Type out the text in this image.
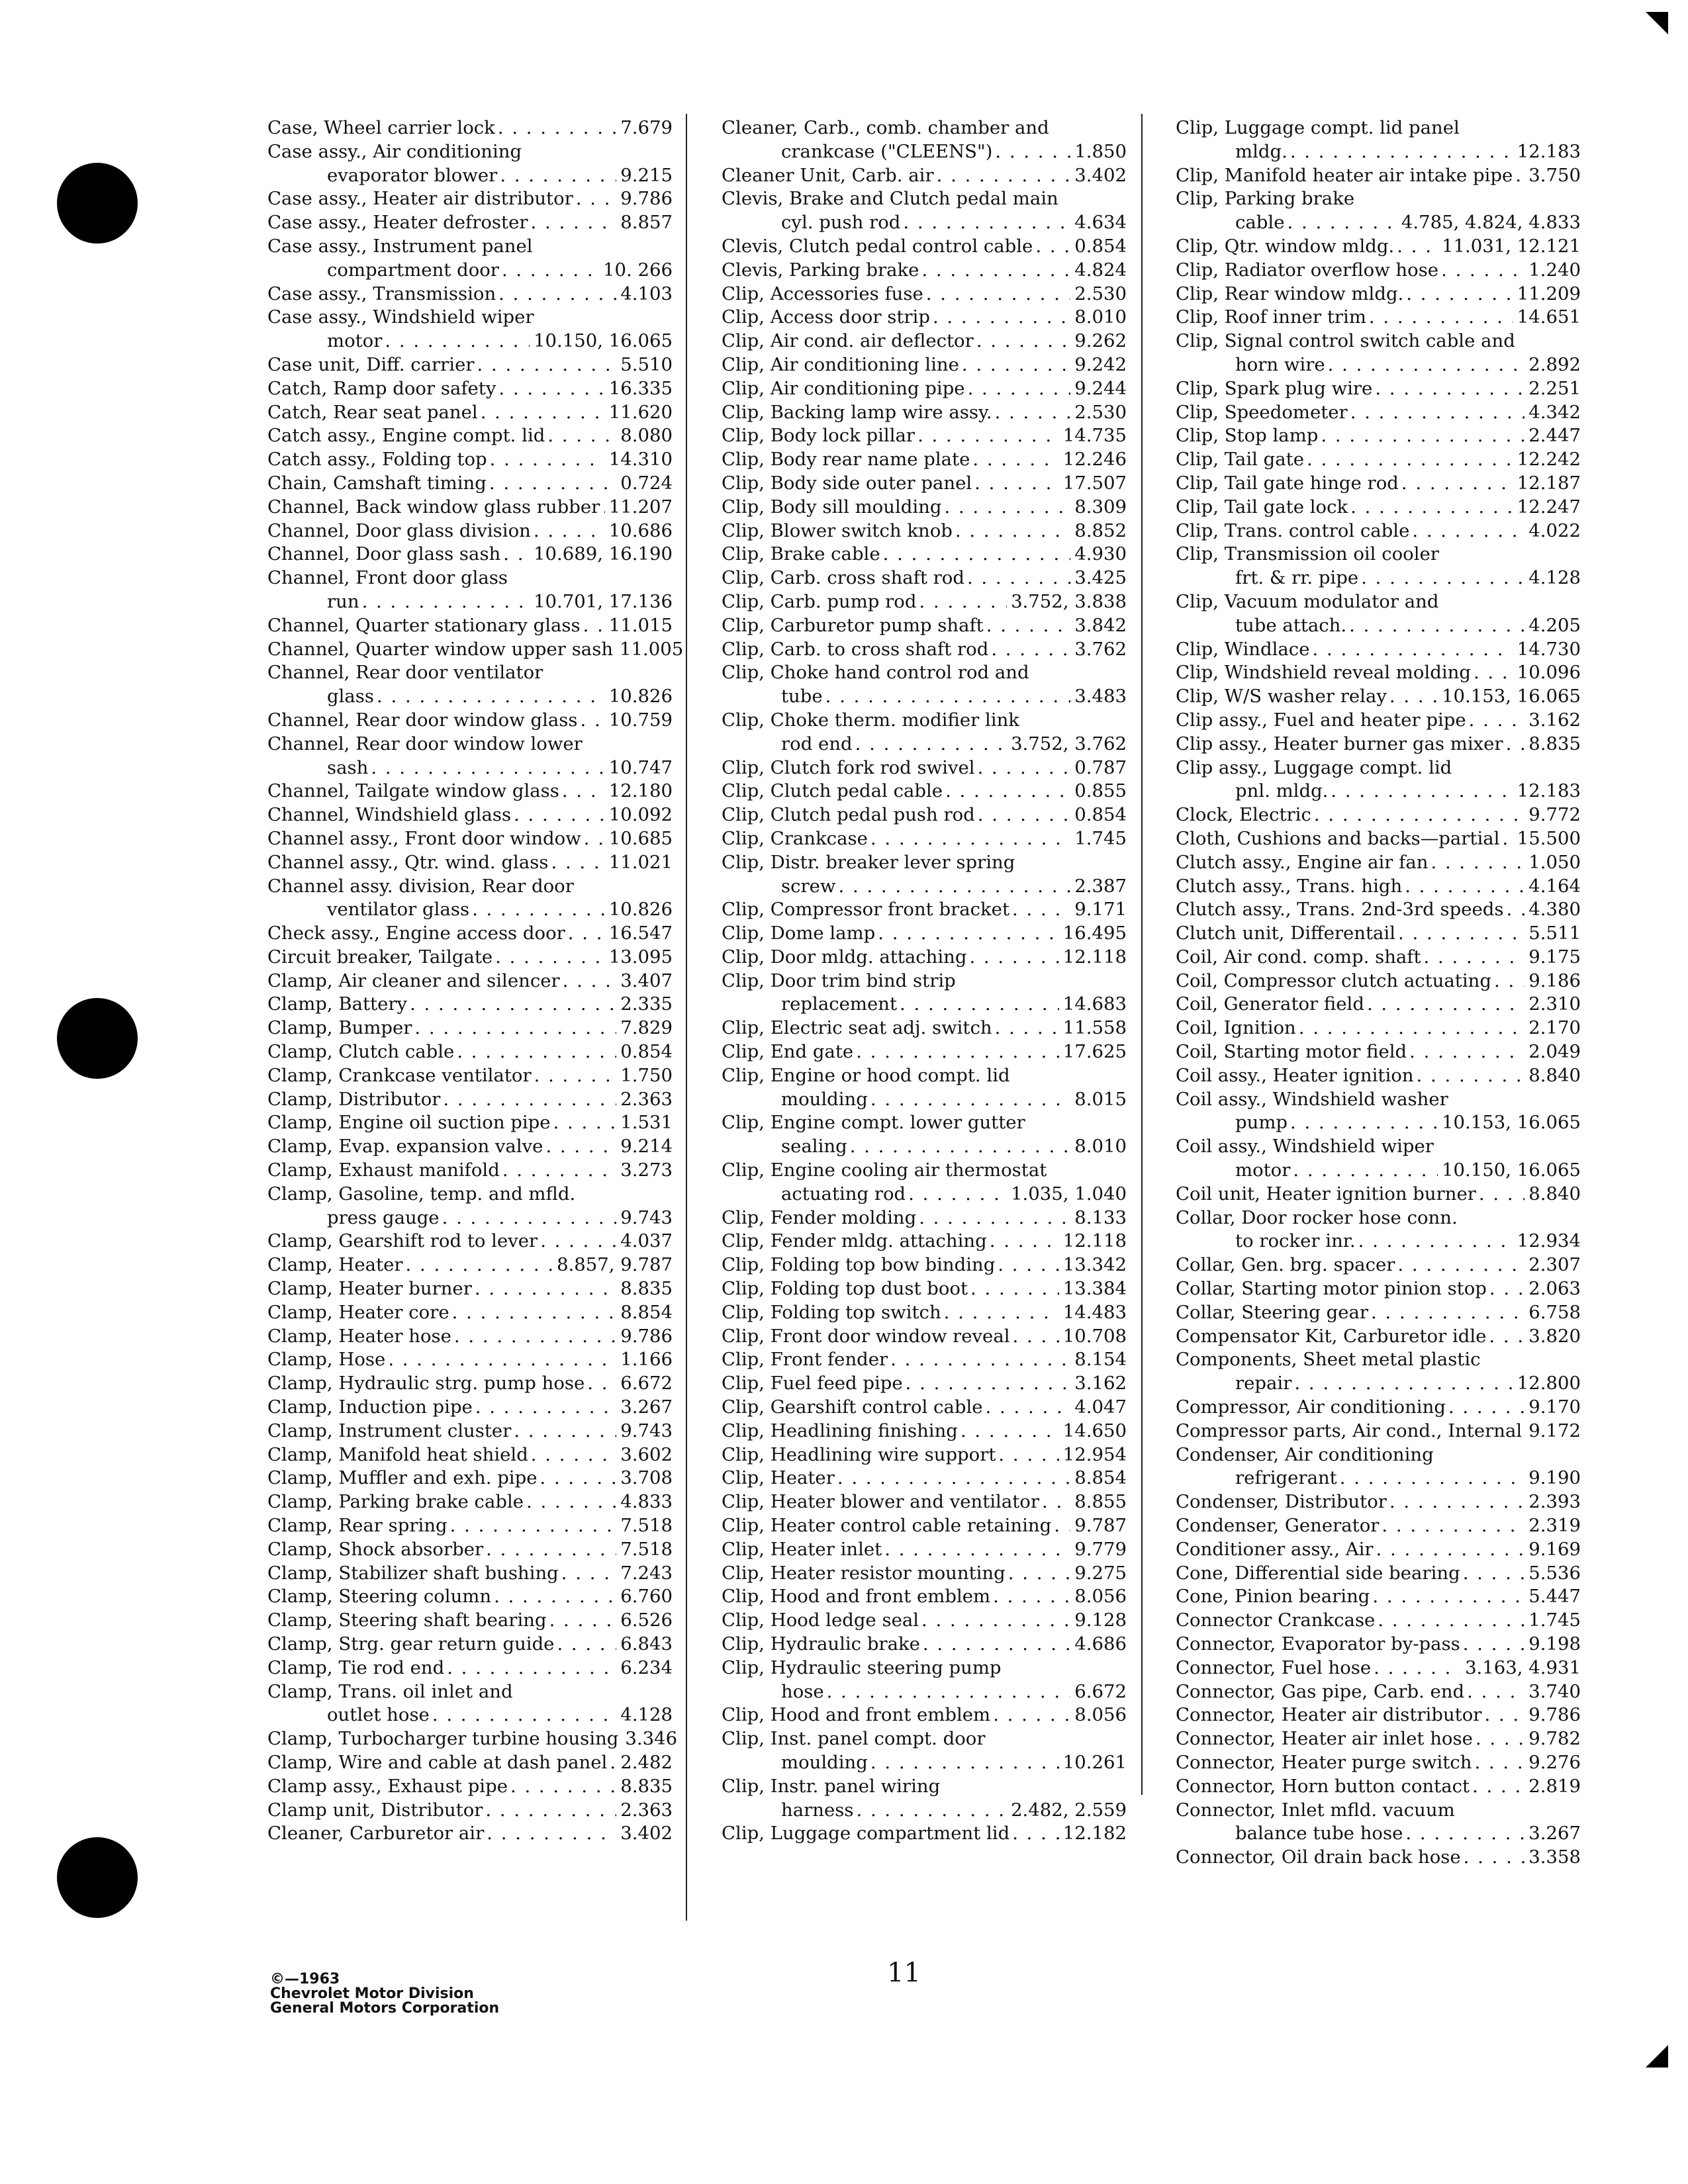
Case, Wheel carrier lock . . .	7.679
Case assy., Air conditioning
evaporator blower . . .	9.215
Case assy., Heater air distributor . . .	9.786
Case assy., Heater defroster . . .	8.857
Case assy., Instrument panel
compartment door . . .	10. 266
Case assy., Transmission . . .	4.103
Case assy., Windshield wiper
motor . . .	10.150, 16.065
Case unit, Diff. carrier . . .	5.510
Catch, Ramp door safety . . .	16.335
Catch, Rear seat panel . . .	11.620
Catch assy., Engine compt. lid . . .	8.080
Catch assy., Folding top . . .	14.310
Chain, Camshaft timing . . .	0.724
Channel, Back window glass rubber . . . 11.207
Channel, Door glass division . . .	10.686
Channel, Door glass sash . . . 10.689, 16.190
Channel, Front door glass
run . . .	10.701, 17.136
Channel, Quarter stationary glass . . . 11.015
Channel, Quarter window upper sash 11.005
Channel, Rear door ventilator
glass . . .	10.826
Channel, Rear door window glass . . . 10.759
Channel, Rear door window lower
sash . . .	10.747
Channel, Tailgate window glass . . .	12.180
Channel, Windshield glass . . .	10.092
Channel assy., Front door window . . . 10.685
Channel assy., Qtr. wind. glass . . .	11.021
Channel assy. division, Rear door
ventilator glass . . .	10.826
Check assy., Engine access door . . . 16.547
Circuit breaker, Tailgate . . .	13.095
Clamp, Air cleaner and silencer . . .	3.407
Clamp, Battery . . .	2.335
Clamp, Bumper . . .	7.829
Clamp, Clutch cable . . .	0.854
Clamp, Crankcase ventilator . . .	1.750
Clamp, Distributor . . .	2.363
Clamp, Engine oil suction pipe . . .	1.531
Clamp, Evap. expansion valve . . .	9.214
Clamp, Exhaust manifold . . .	3.273
Clamp, Gasoline, temp. and mfld.
press gauge . . .	9.743
Clamp, Gearshift rod to lever . . .	4.037
Clamp, Heater . . .	8.857, 9.787
Clamp, Heater burner . . .	8.835
Clamp, Heater core . . .	8.854
Clamp, Heater hose . . .	9.786
Clamp, Hose . . .	1.166
Clamp, Hydraulic strg. pump hose . . . 6.672
Clamp, Induction pipe . . .	3.267
Clamp, Instrument cluster . . .	9.743
Clamp, Manifold heat shield . . .	3.602
Clamp, Muffler and exh. pipe . . .	3.708
Clamp, Parking brake cable . . .	4.833
Clamp, Rear spring . . .	7.518
Clamp, Shock absorber . . .	7.518
Clamp, Stabilizer shaft bushing . . .	7.243
Clamp, Steering column . . .	6.760
Clamp, Steering shaft bearing . . .	6.526
Clamp, Strg. gear return guide . . .	6.843
Clamp, Tie rod end . . .	6.234
Clamp, Trans. oil inlet and
outlet hose . . .	4.128
Clamp, Turbocharger turbine housing 3.346
Clamp, Wire and cable at dash panel . . . 2.482
Clamp assy., Exhaust pipe . . .	8.835
Clamp unit, Distributor . . .	2.363
Cleaner, Carburetor air . . .	3.402
Cleaner, Carb., comb. chamber and
crankcase ("CLEENS") . . .	1.850
Cleaner Unit, Carb. air . . .	3.402
Clevis, Brake and Clutch pedal main
cyl. push rod . . .	4.634
Clevis, Clutch pedal control cable . . . 0.854
Clevis, Parking brake . . .	4.824
Clip, Accessories fuse . . .	2.530
Clip, Access door strip . . .	8.010
Clip, Air cond. air deflector . . .	9.262
Clip, Air conditioning line . . .	9.242
Clip, Air conditioning pipe . . .	9.244
Clip, Backing lamp wire assy. . . .	2.530
Clip, Body lock pillar . . .	14.735
Clip, Body rear name plate . . .	12.246
Clip, Body side outer panel . . .	17.507
Clip, Body sill moulding . . .	8.309
Clip, Blower switch knob . . .	8.852
Clip, Brake cable . . .	4.930
Clip, Carb. cross shaft rod . . .	3.425
Clip, Carb. pump rod . . .	3.752, 3.838
Clip, Carburetor pump shaft . . .	3.842
Clip, Carb. to cross shaft rod . . .	3.762
Clip, Choke hand control rod and
tube . . .	3.483
Clip, Choke therm. modifier link
rod end . . .	3.752, 3.762
Clip, Clutch fork rod swivel . . .	0.787
Clip, Clutch pedal cable . . .	0.855
Clip, Clutch pedal push rod . . .	0.854
Clip, Crankcase . . .	1.745
Clip, Distr. breaker lever spring
screw . . .	2.387
Clip, Compressor front bracket . . .	9.171
Clip, Dome lamp . . .	16.495
Clip, Door mldg. attaching . . .	12.118
Clip, Door trim bind strip
replacement . . .	14.683
Clip, Electric seat adj. switch . . .	11.558
Clip, End gate . . .	17.625
Clip, Engine or hood compt. lid
moulding . . .	8.015
Clip, Engine compt. lower gutter
sealing . . .	8.010
Clip, Engine cooling air thermostat
actuating rod . . .	1.035, 1.040
Clip, Fender molding . . .	8.133
Clip, Fender mldg. attaching . . .	12.118
Clip, Folding top bow binding . . .	13.342
Clip, Folding top dust boot . . .	13.384
Clip, Folding top switch . . .	14.483
Clip, Front door window reveal . . .	10.708
Clip, Front fender . . .	8.154
Clip, Fuel feed pipe . . .	3.162
Clip, Gearshift control cable . . .	4.047
Clip, Headlining finishing . . .	14.650
Clip, Headlining wire support . . .	12.954
Clip, Heater . . .	8.854
Clip, Heater blower and ventilator . . . 8.855
Clip, Heater control cable retaining . . . 9.787
Clip, Heater inlet . . .	9.779
Clip, Heater resistor mounting . . .	9.275
Clip, Hood and front emblem . . .	8.056
Clip, Hood ledge seal . . .	9.128
Clip, Hydraulic brake . . .	4.686
Clip, Hydraulic steering pump
hose . . .	6.672
Clip, Hood and front emblem . . .	8.056
Clip, Inst. panel compt. door
moulding . . .	10.261
Clip, Instr. panel wiring
harness . . .	2.482, 2.559
Clip, Luggage compartment lid . . .	12.182
Clip, Luggage compt. lid panel
mldg. . . .	12.183
Clip, Manifold heater air intake pipe . . . 3.750
Clip, Parking brake
cable . . .	4.785, 4.824, 4.833
Clip, Qtr. window mldg. . . .	11.031, 12.121
Clip, Radiator overflow hose . . .	1.240
Clip, Rear window mldg. . . .	11.209
Clip, Roof inner trim . . .	14.651
Clip, Signal control switch cable and
horn wire . . .	2.892
Clip, Spark plug wire . . .	2.251
Clip, Speedometer . . .	4.342
Clip, Stop lamp . . .	2.447
Clip, Tail gate . . .	12.242
Clip, Tail gate hinge rod . . .	12.187
Clip, Tail gate lock . . .	12.247
Clip, Trans. control cable . . .	4.022
Clip, Transmission oil cooler
frt. & rr. pipe . . .	4.128
Clip, Vacuum modulator and
tube attach. . . .	4.205
Clip, Windlace . . .	14.730
Clip, Windshield reveal molding . . .	10.096
Clip, W/S washer relay . . .	10.153, 16.065
Clip assy., Fuel and heater pipe . . .	3.162
Clip assy., Heater burner gas mixer . . . 8.835
Clip assy., Luggage compt. lid
pnl. mldg. . . .	12.183
Clock, Electric . . .	9.772
Cloth, Cushions and backs—partial . . . 15.500
Clutch assy., Engine air fan . . .	1.050
Clutch assy., Trans. high . . .	4.164
Clutch assy., Trans. 2nd-3rd speeds . . . 4.380
Clutch unit, Differentail . . .	5.511
Coil, Air cond. comp. shaft . . .	9.175
Coil, Compressor clutch actuating . . . 9.186
Coil, Generator field . . .	2.310
Coil, Ignition . . .	2.170
Coil, Starting motor field . . .	2.049
Coil assy., Heater ignition . . .	8.840
Coil assy., Windshield washer
pump . . .	10.153, 16.065
Coil assy., Windshield wiper
motor . . .	10.150, 16.065
Coil unit, Heater ignition burner . . .	8.840
Collar, Door rocker hose conn.
to rocker inr. . . .	12.934
Collar, Gen. brg. spacer . . .	2.307
Collar, Starting motor pinion stop . . . 2.063
Collar, Steering gear . . .	6.758
Compensator Kit, Carburetor idle . . . 3.820
Components, Sheet metal plastic
repair . . .	12.800
Compressor, Air conditioning . . .	9.170
Compressor parts, Air cond., Internal . . . 9.172
Condenser, Air conditioning
refrigerant . . .	9.190
Condenser, Distributor . . .	2.393
Condenser, Generator . . .	2.319
Conditioner assy., Air . . .	9.169
Cone, Differential side bearing . . .	5.536
Cone, Pinion bearing . . .	5.447
Connector Crankcase . . .	1.745
Connector, Evaporator by-pass . . .	9.198
Connector, Fuel hose . . .	3.163, 4.931
Connector, Gas pipe, Carb. end . . .	3.740
Connector, Heater air distributor . . .	9.786
Connector, Heater air inlet hose . . .	9.782
Connector, Heater purge switch . . .	9.276
Connector, Horn button contact . . .	2.819
Connector, Inlet mfld. vacuum
balance tube hose . . .	3.267
Connector, Oil drain back hose . . .	3.358
©—1963
Chevrolet Motor Division
General Motors Corporation
11
